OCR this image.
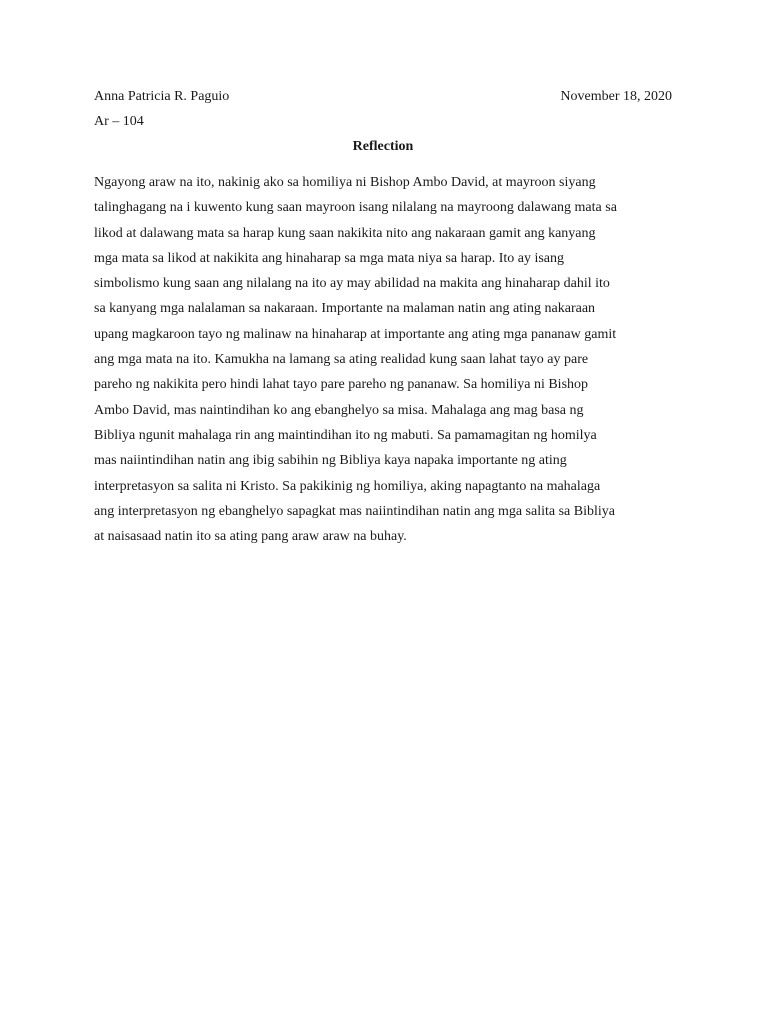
Anna Patricia R. Paguio	November 18, 2020
Ar – 104
Reflection
Ngayong araw na ito, nakinig ako sa homiliya ni Bishop Ambo David, at mayroon siyang
talinghagang na i kuwento kung saan mayroon isang nilalang na mayroong dalawang mata sa
likod at dalawang mata sa harap kung saan nakikita nito ang nakaraan gamit ang kanyang
mga mata sa likod at nakikita ang hinaharap sa mga mata niya sa harap. Ito ay isang
simbolismo kung saan ang nilalang na ito ay may abilidad na makita ang hinaharap dahil ito
sa kanyang mga nalalaman sa nakaraan. Importante na malaman natin ang ating nakaraan
upang magkaroon tayo ng malinaw na hinaharap at importante ang ating mga pananaw gamit
ang mga mata na ito. Kamukha na lamang sa ating realidad kung saan lahat tayo ay pare
pareho ng nakikita pero hindi lahat tayo pare pareho ng pananaw. Sa homiliya ni Bishop
Ambo David, mas naintindihan ko ang ebanghelyo sa misa. Mahalaga ang mag basa ng
Bibliya ngunit mahalaga rin ang maintindihan ito ng mabuti. Sa pamamagitan ng homilya
mas naiintindihan natin ang ibig sabihin ng Bibliya kaya napaka importante ng ating
interpretasyon sa salita ni Kristo. Sa pakikinig ng homiliya, aking napagtanto na mahalaga
ang interpretasyon ng ebanghelyo sapagkat mas naiintindihan natin ang mga salita sa Bibliya
at naisasaad natin ito sa ating pang araw araw na buhay.
